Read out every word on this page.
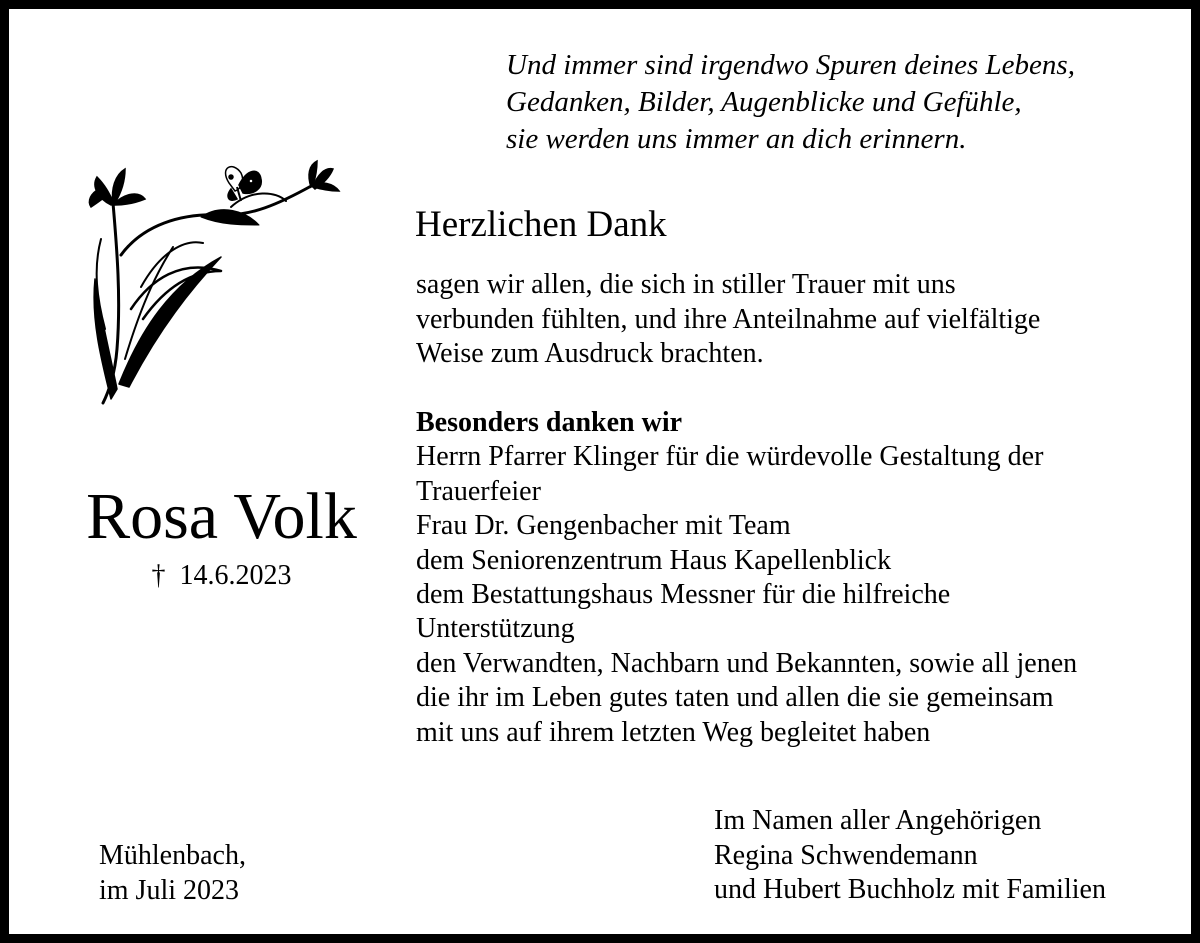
Und immer sind irgendwo Spuren deines Lebens,
Gedanken, Bilder, Augenblicke und Gefühle,
sie werden uns immer an dich erinnern.
Rosa Volk
† 14.6.2023
Herzlichen Dank
sagen wir allen, die sich in stiller Trauer mit uns
verbunden fühlten, und ihre Anteilnahme auf vielfältige
Weise zum Ausdruck brachten.
Besonders danken wir
Herrn Pfarrer Klinger für die würdevolle Gestaltung der
Trauerfeier
Frau Dr. Gengenbacher mit Team
dem Seniorenzentrum Haus Kapellenblick
dem Bestattungshaus Messner für die hilfreiche
Unterstützung
den Verwandten, Nachbarn und Bekannten, sowie all jenen
die ihr im Leben gutes taten und allen die sie gemeinsam
mit uns auf ihrem letzten Weg begleitet haben
Mühlenbach,
im Juli 2023
Im Namen aller Angehörigen
Regina Schwendemann
und Hubert Buchholz mit Familien
